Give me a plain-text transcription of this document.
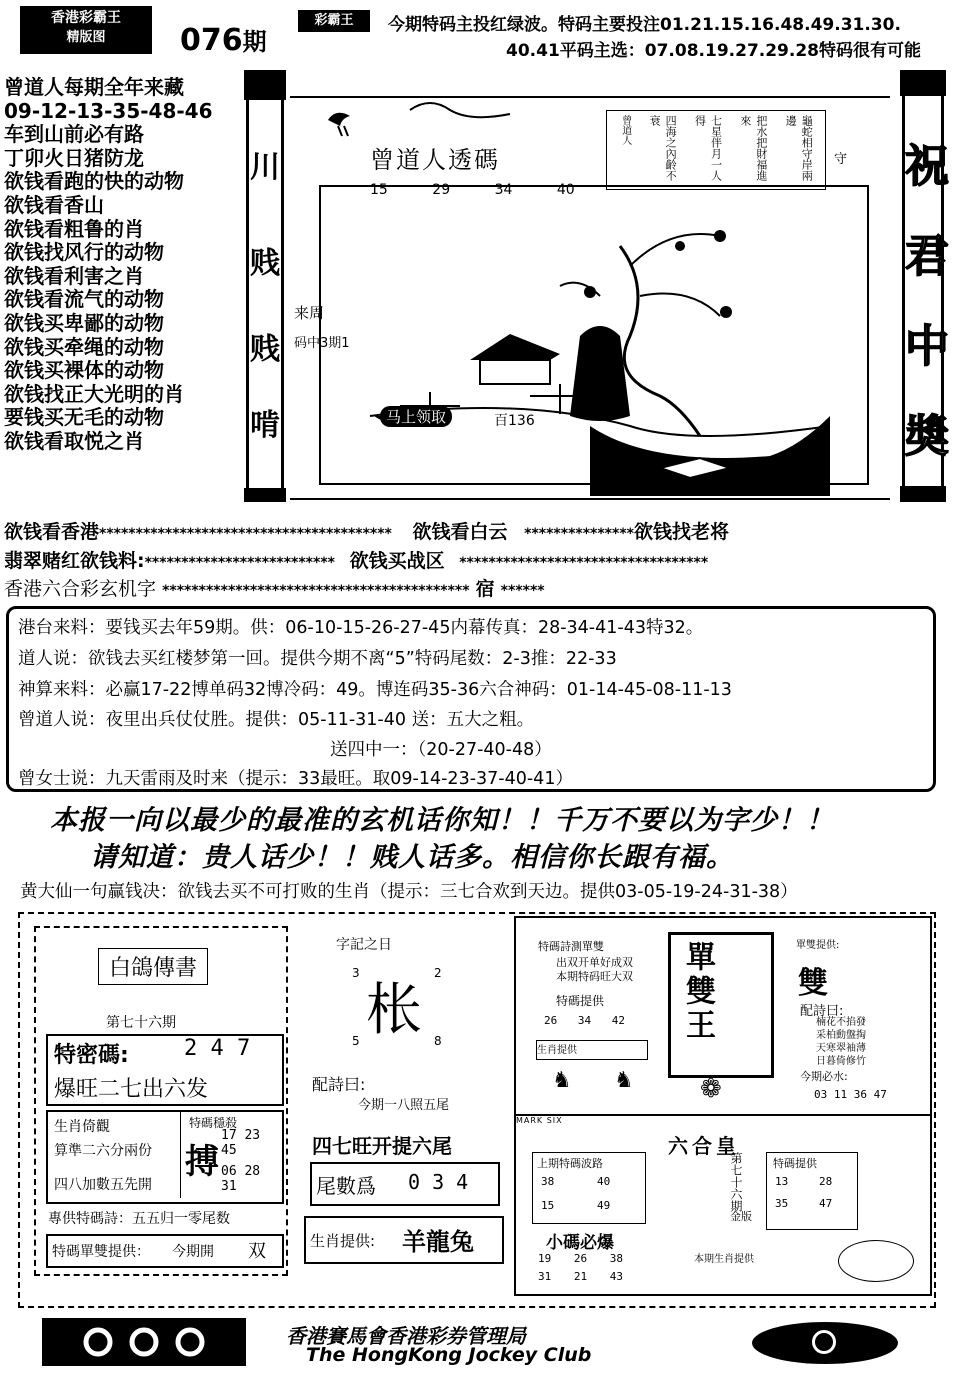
香港彩霸王
精版图	076期
彩霸王	今期特码主投红绿波。特码主要投注01.21.15.16.48.49.31.30.
40.41平码主选：07.08.19.27.29.28特码很有可能
曾道人每期全年来藏
09-12-13-35-48-46
车到山前必有路
丁卯火日猪防龙
欲钱看跑的快的动物
欲钱看香山
欲钱看粗鲁的肖
欲钱找风行的动物
欲钱看利害之肖
欲钱看流气的动物
欲钱买卑鄙的动物
欲钱买牵绳的动物
欲钱买裸体的动物
欲钱找正大光明的肖
要钱买无毛的动物
欲钱看取悦之肖
川
贱
贱
啃
曾道人透碼
15	29	34	40
龜蛇相守岸兩邊
把水把財福進來
七星伴月一人得
四海之內齡不衰
曾道人
守
来周
码中3期1
马上领取	百136
祝
君
中
奬
欲钱看香港**************************************** 欲钱看白云 ***************欲钱找老将
翡翠赌红欲钱料:************************** 欲钱买战区 **********************************
香港六合彩玄机字 ****************************************** 宿 ******
港台来料：要钱买去年59期。供：06-10-15-26-27-45内幕传真：28-34-41-43特32。
道人说：欲钱去买红楼梦第一回。提供今期不离“5”特码尾数：2-3推：22-33
神算来料：必赢17-22博单码32博冷码：49。博连码35-36六合神码：01-14-45-08-11-13
曾道人说：夜里出兵仗仗胜。提供：05-11-31-40 送：五大之粗。
送四中一：（20-27-40-48）
曾女士说：九天雷雨及时来（提示：33最旺。取09-14-23-37-40-41）
本报一向以最少的最准的玄机话你知！！千万不要以为字少！！
请知道：贵人话少！！贱人话多。相信你长跟有福。
黄大仙一句赢钱决：欲钱去买不可打败的生肖（提示：三七合欢到天边。提供03-05-19-24-31-38）
白鴿傳書
第七十六期
特密碼:	2 4 7
爆旺二七出六发
生肖倚觀
算準二六分兩份
四八加數五先開
特碼穩殺
搏
17 23 45
06 28 31
專供特碼詩：五五归一零尾数
特碼單雙提供： 今期開 双
字記之日
3	2
枨
5	8
配詩曰:
今期一八照五尾
四七旺开提六尾
尾數爲 0 3 4
生肖提供: 羊龍兔
特碼詩測單雙
出双开单好成双
本期特码旺大双
特碼提供
26 34 42
生肖提供
♞ ♞
單雙王
❁
單雙提供:
雙
配詩曰:
楠花不掐發
采柏動盤掏
天寒翠袖薄
日暮倚修竹
今期必水:
03 11 36 47
MARK SIX
六合皇
上期特碼波路
38	40
15	49	第七十六期
金版
特碼提供
13	28
35	47
小碼必爆
19 26 38
31 21 43
本期生肖提供
香港賽馬會香港彩券管理局
The HongKong Jockey Club
